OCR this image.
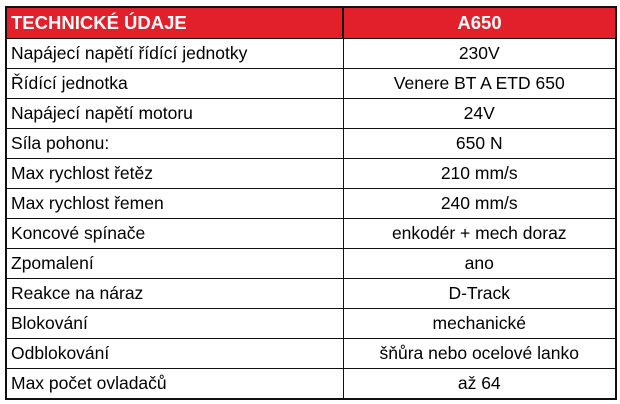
TECHNICKÉ ÚDAJE	A650
Napájecí napětí řídící jednotky	230V
Řídící jednotka	Venere BT A ETD 650
Napájecí napětí motoru	24V
Síla pohonu:	650 N
Max rychlost řetěz	210 mm/s
Max rychlost řemen	240 mm/s
Koncové spínače	enkodér + mech doraz
Zpomalení	ano
Reakce na náraz	D-Track
Blokování	mechanické
Odblokování	šňůra nebo ocelové lanko
Max počet ovladačů	až 64
